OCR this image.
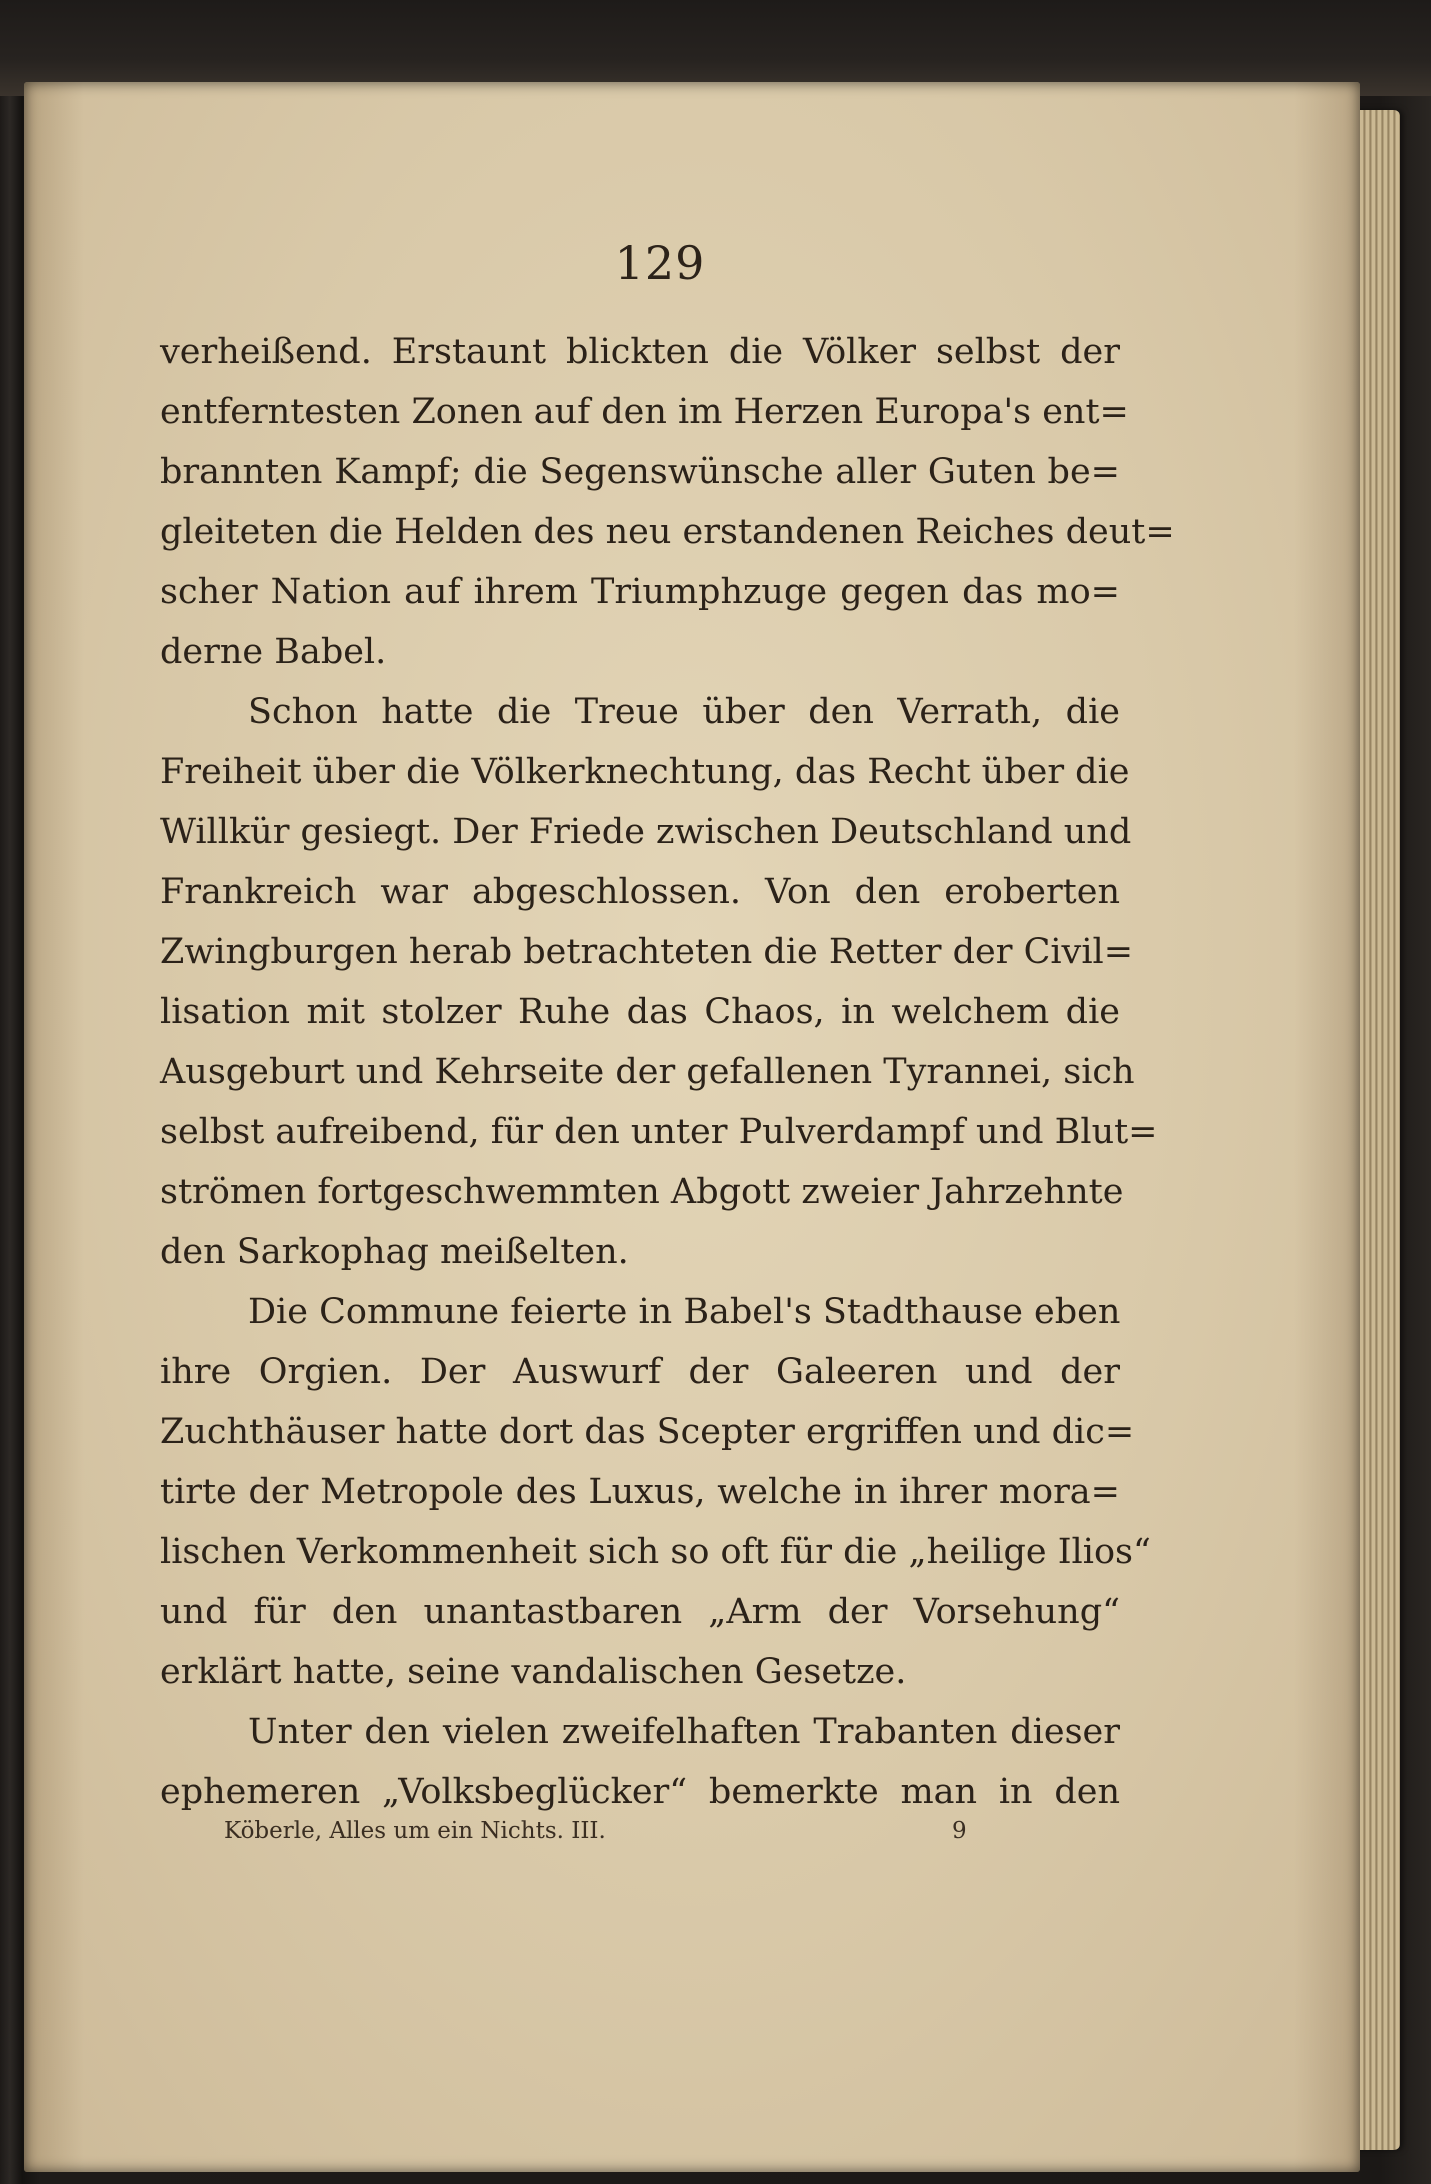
129
verheißend. Erstaunt blickten die Völker selbst der
entferntesten Zonen auf den im Herzen Europa's ent=
brannten Kampf; die Segenswünsche aller Guten be=
gleiteten die Helden des neu erstandenen Reiches deut=
scher Nation auf ihrem Triumphzuge gegen das mo=
derne Babel.
Schon hatte die Treue über den Verrath, die
Freiheit über die Völkerknechtung, das Recht über die
Willkür gesiegt. Der Friede zwischen Deutschland und
Frankreich war abgeschlossen. Von den eroberten
Zwingburgen herab betrachteten die Retter der Civil=
lisation mit stolzer Ruhe das Chaos, in welchem die
Ausgeburt und Kehrseite der gefallenen Tyrannei, sich
selbst aufreibend, für den unter Pulverdampf und Blut=
strömen fortgeschwemmten Abgott zweier Jahrzehnte
den Sarkophag meißelten.
Die Commune feierte in Babel's Stadthause eben
ihre Orgien. Der Auswurf der Galeeren und der
Zuchthäuser hatte dort das Scepter ergriffen und dic=
tirte der Metropole des Luxus, welche in ihrer mora=
lischen Verkommenheit sich so oft für die „heilige Ilios“
und für den unantastbaren „Arm der Vorsehung“
erklärt hatte, seine vandalischen Gesetze.
Unter den vielen zweifelhaften Trabanten dieser
ephemeren „Volksbeglücker“ bemerkte man in den
Köberle, Alles um ein Nichts. III.	9
